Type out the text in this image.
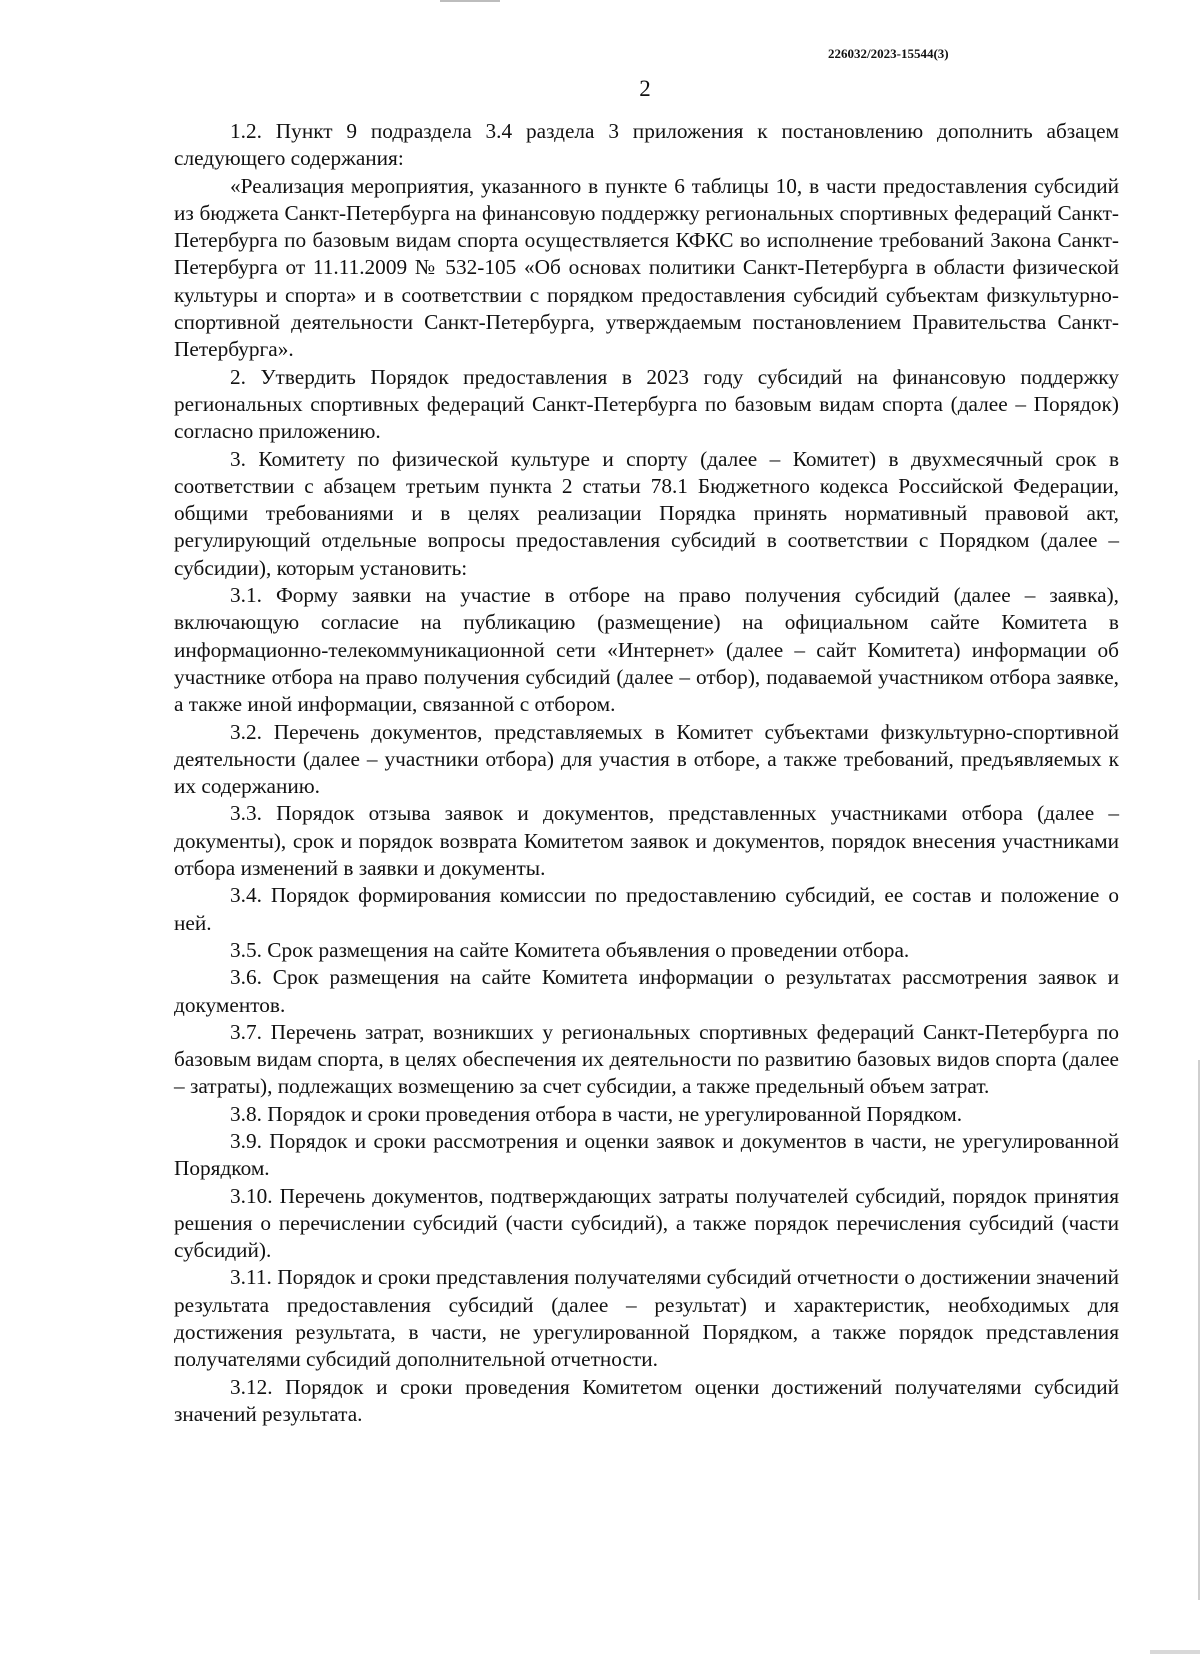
226032/2023-15544(3)
2

1.2. Пункт 9 подраздела 3.4 раздела 3 приложения к постановлению дополнить абзацем следующего содержания:

«Реализация мероприятия, указанного в пункте 6 таблицы 10, в части предоставления субсидий из бюджета Санкт-Петербурга на финансовую поддержку региональных спортивных федераций Санкт-Петербурга по базовым видам спорта осуществляется КФКС во исполнение требований Закона Санкт-Петербурга от 11.11.2009 № 532-105 «Об основах политики Санкт-Петербурга в области физической культуры и спорта» и в соответствии с порядком предоставления субсидий субъектам физкультурно-спортивной деятельности Санкт-Петербурга, утверждаемым постановлением Правительства Санкт-Петербурга».

2. Утвердить Порядок предоставления в 2023 году субсидий на финансовую поддержку региональных спортивных федераций Санкт-Петербурга по базовым видам спорта (далее – Порядок) согласно приложению.

3. Комитету по физической культуре и спорту (далее – Комитет) в двухмесячный срок в соответствии с абзацем третьим пункта 2 статьи 78.1 Бюджетного кодекса Российской Федерации, общими требованиями и в целях реализации Порядка принять нормативный правовой акт, регулирующий отдельные вопросы предоставления субсидий в соответствии с Порядком (далее – субсидии), которым установить:

3.1. Форму заявки на участие в отборе на право получения субсидий (далее – заявка), включающую согласие на публикацию (размещение) на официальном сайте Комитета в информационно-телекоммуникационной сети «Интернет» (далее – сайт Комитета) информации об участнике отбора на право получения субсидий (далее – отбор), подаваемой участником отбора заявке, а также иной информации, связанной с отбором.

3.2. Перечень документов, представляемых в Комитет субъектами физкультурно-спортивной деятельности (далее – участники отбора) для участия в отборе, а также требований, предъявляемых к их содержанию.

3.3. Порядок отзыва заявок и документов, представленных участниками отбора (далее – документы), срок и порядок возврата Комитетом заявок и документов, порядок внесения участниками отбора изменений в заявки и документы.

3.4. Порядок формирования комиссии по предоставлению субсидий, ее состав и положение о ней.

3.5. Срок размещения на сайте Комитета объявления о проведении отбора.

3.6. Срок размещения на сайте Комитета информации о результатах рассмотрения заявок и документов.

3.7. Перечень затрат, возникших у региональных спортивных федераций Санкт-Петербурга по базовым видам спорта, в целях обеспечения их деятельности по развитию базовых видов спорта (далее – затраты), подлежащих возмещению за счет субсидии, а также предельный объем затрат.

3.8. Порядок и сроки проведения отбора в части, не урегулированной Порядком.

3.9. Порядок и сроки рассмотрения и оценки заявок и документов в части, не урегулированной Порядком.

3.10. Перечень документов, подтверждающих затраты получателей субсидий, порядок принятия решения о перечислении субсидий (части субсидий), а также порядок перечисления субсидий (части субсидий).

3.11. Порядок и сроки представления получателями субсидий отчетности о достижении значений результата предоставления субсидий (далее – результат) и характеристик, необходимых для достижения результата, в части, не урегулированной Порядком, а также порядок представления получателями субсидий дополнительной отчетности.

3.12. Порядок и сроки проведения Комитетом оценки достижений получателями субсидий значений результата.
